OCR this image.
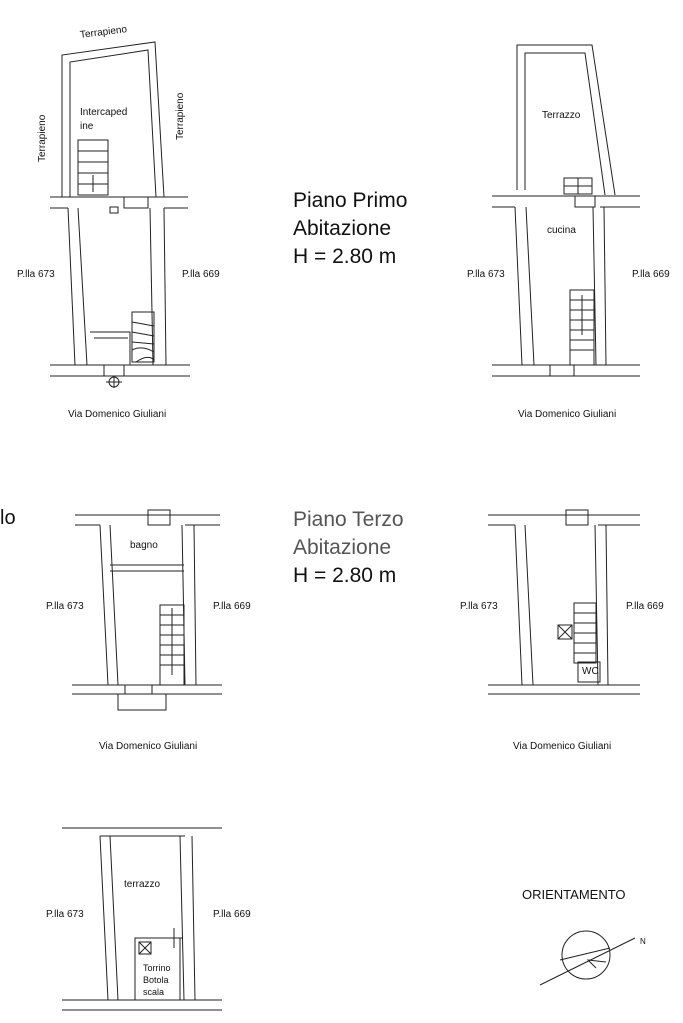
Terrapieno
Terrapieno	Terrapieno
Intercaped
ine
P.lla 673	P.lla 669
Via Domenico Giuliani
Piano Primo
Abitazione
H = 2.80 m
Terrazzo
cucina
P.lla 673	P.lla 669
Via Domenico Giuliani
lo
bagno
P.lla 673	P.lla 669
Via Domenico Giuliani
Piano Terzo
Abitazione
H = 2.80 m
WC
P.lla 673	P.lla 669
Via Domenico Giuliani
terrazzo
Torrino
Botola
scala
P.lla 673	P.lla 669
ORIENTAMENTO
N
